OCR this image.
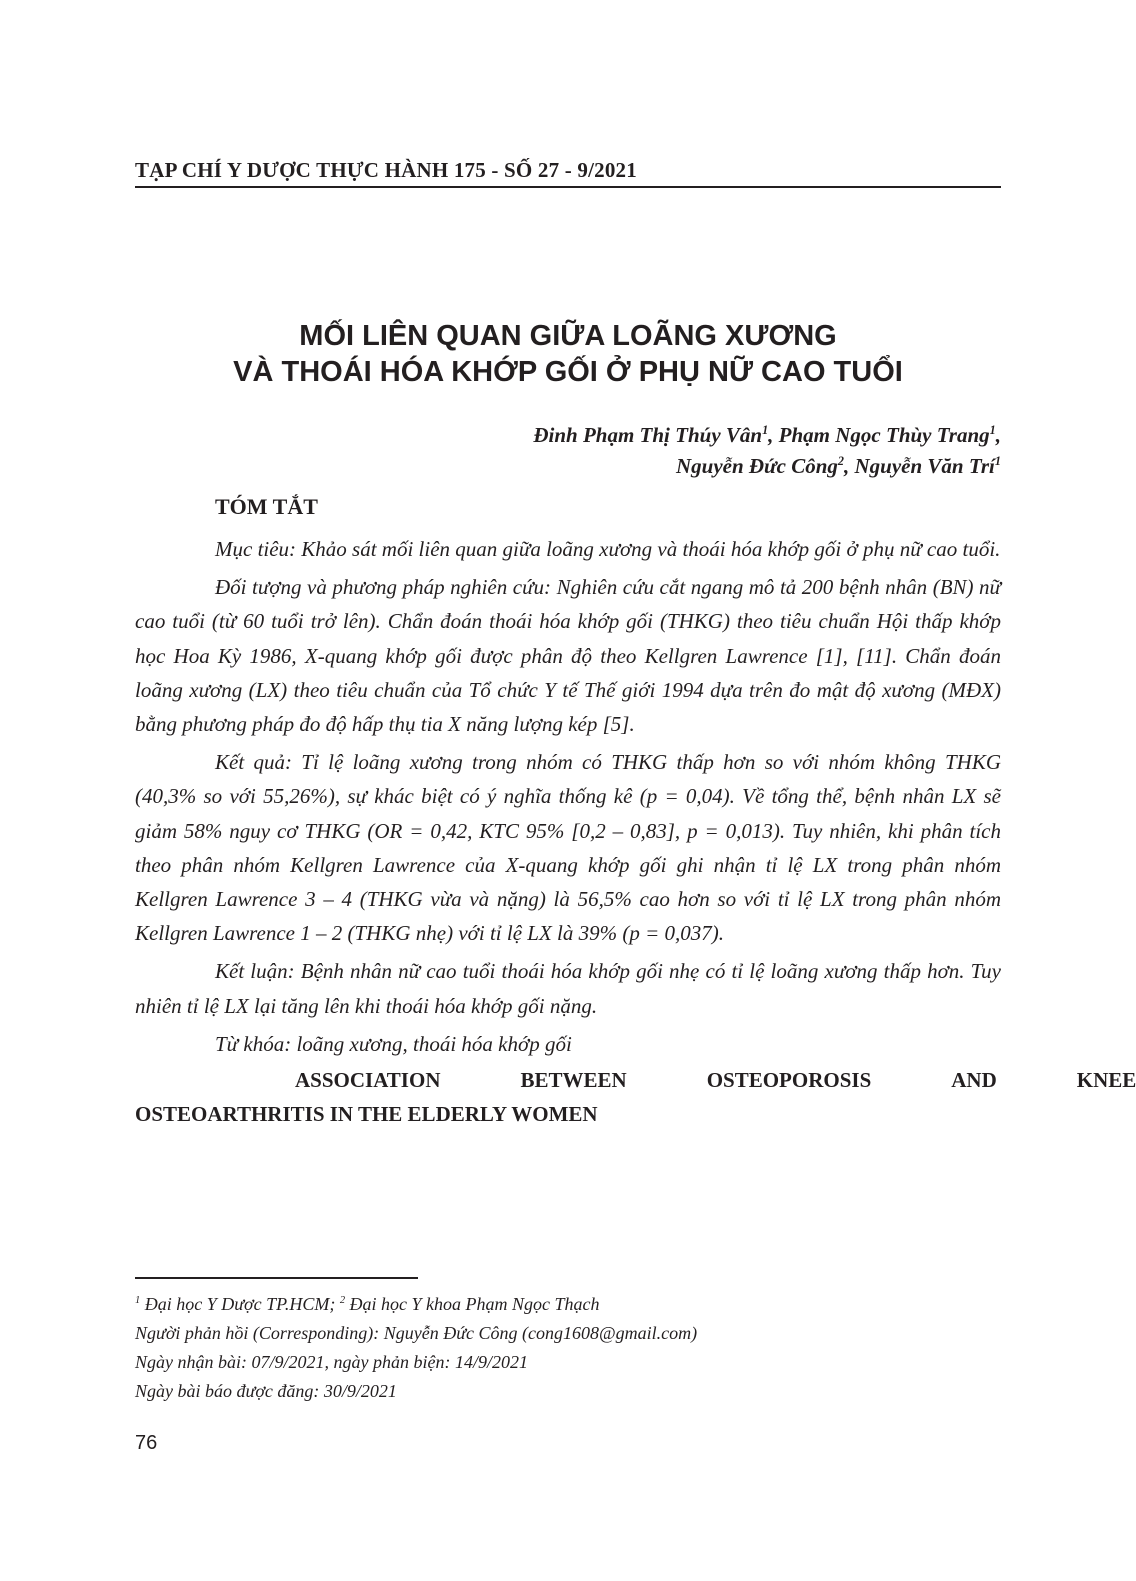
TẠP CHÍ Y DƯỢC THỰC HÀNH 175 - SỐ 27 - 9/2021
MỐI LIÊN QUAN GIỮA LOÃNG XƯƠNG
VÀ THOÁI HÓA KHỚP GỐI Ở PHỤ NỮ CAO TUỔI
Đinh Phạm Thị Thúy Vân$^1$, Phạm Ngọc Thùy Trang$^1$,
Nguyễn Đức Công$^2$, Nguyễn Văn Trí$^1$
TÓM TẮT

Mục tiêu: Khảo sát mối liên quan giữa loãng xương và thoái hóa khớp gối ở phụ nữ cao tuổi.

Đối tượng và phương pháp nghiên cứu: Nghiên cứu cắt ngang mô tả 200 bệnh nhân (BN) nữ cao tuổi (từ 60 tuổi trở lên). Chẩn đoán thoái hóa khớp gối (THKG) theo tiêu chuẩn Hội thấp khớp học Hoa Kỳ 1986, X-quang khớp gối được phân độ theo Kellgren Lawrence [1], [11]. Chẩn đoán loãng xương (LX) theo tiêu chuẩn của Tổ chức Y tế Thế giới 1994 dựa trên đo mật độ xương (MĐX) bằng phương pháp đo độ hấp thụ tia X năng lượng kép [5].

Kết quả: Tỉ lệ loãng xương trong nhóm có THKG thấp hơn so với nhóm không THKG (40,3% so với 55,26%), sự khác biệt có ý nghĩa thống kê (p = 0,04). Về tổng thể, bệnh nhân LX sẽ giảm 58% nguy cơ THKG (OR = 0,42, KTC 95% [0,2 – 0,83], p = 0,013). Tuy nhiên, khi phân tích theo phân nhóm Kellgren Lawrence của X-quang khớp gối ghi nhận tỉ lệ LX trong phân nhóm Kellgren Lawrence 3 – 4 (THKG vừa và nặng) là 56,5% cao hơn so với tỉ lệ LX trong phân nhóm Kellgren Lawrence 1 – 2 (THKG nhẹ) với tỉ lệ LX là 39% (p = 0,037).

Kết luận: Bệnh nhân nữ cao tuổi thoái hóa khớp gối nhẹ có tỉ lệ loãng xương thấp hơn. Tuy nhiên tỉ lệ LX lại tăng lên khi thoái hóa khớp gối nặng.

Từ khóa: loãng xương, thoái hóa khớp gối

ASSOCIATION	BETWEEN	OSTEOPOROSIS	AND	KNEE
OSTEOARTHRITIS IN THE ELDERLY WOMEN
$^1$ Đại học Y Dược TP.HCM; $^2$ Đại học Y khoa Phạm Ngọc Thạch
Người phản hồi (Corresponding): Nguyễn Đức Công (cong1608@gmail.com)
Ngày nhận bài: 07/9/2021, ngày phản biện: 14/9/2021
Ngày bài báo được đăng: 30/9/2021
76
